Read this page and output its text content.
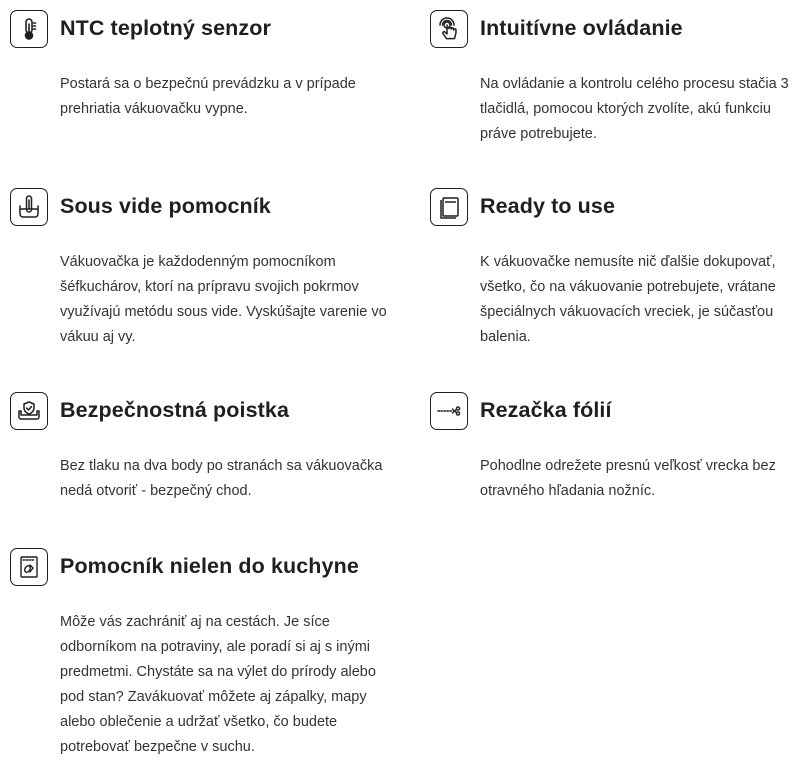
NTC teplotný senzor

Postará sa o bezpečnú prevádzku a v prípade prehriatia vákuovačku vypne.

Intuitívne ovládanie

Na ovládanie a kontrolu celého procesu stačia 3 tlačidlá, pomocou ktorých zvolíte, akú funkciu práve potrebujete.

Sous vide pomocník

Vákuovačka je každodenným pomocníkom šéfkuchárov, ktorí na prípravu svojich pokrmov využívajú metódu sous vide. Vyskúšajte varenie vo vákuu aj vy.

Ready to use

K vákuovačke nemusíte nič ďalšie dokupovať, všetko, čo na vákuovanie potrebujete, vrátane špeciálnych vákuovacích vreciek, je súčasťou balenia.

Bezpečnostná poistka

Bez tlaku na dva body po stranách sa vákuovačka nedá otvoriť - bezpečný chod.

Rezačka fólií

Pohodlne odrežete presnú veľkosť vrecka bez otravného hľadania nožníc.

Pomocník nielen do kuchyne

Môže vás zachrániť aj na cestách. Je síce odborníkom na potraviny, ale poradí si aj s inými predmetmi. Chystáte sa na výlet do prírody alebo pod stan? Zavákuovať môžete aj zápalky, mapy alebo oblečenie a udržať všetko, čo budete potrebovať bezpečne v suchu.
